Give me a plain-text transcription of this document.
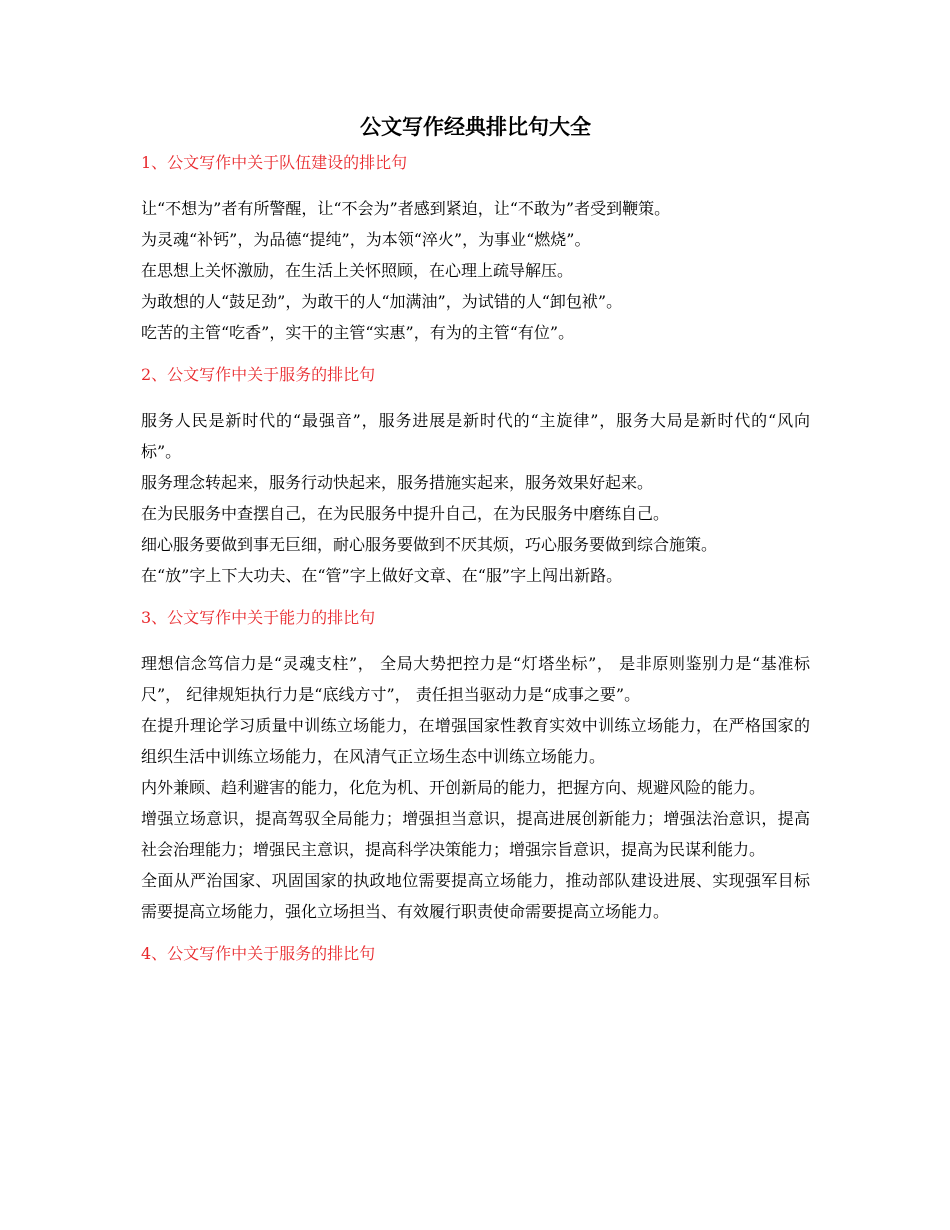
公文写作经典排比句大全
1、公文写作中关于队伍建设的排比句

让“不想为”者有所警醒，让“不会为”者感到紧迫，让“不敢为”者受到鞭策。

为灵魂“补钙”，为品德“提纯”，为本领“淬火”，为事业“燃烧”。

在思想上关怀激励，在生活上关怀照顾，在心理上疏导解压。

为敢想的人“鼓足劲”，为敢干的人“加满油”，为试错的人“卸包袱”。

吃苦的主管“吃香”，实干的主管“实惠”，有为的主管“有位”。

2、公文写作中关于服务的排比句

服务人民是新时代的“最强音”，服务进展是新时代的“主旋律”，服务大局是新时代的“风向标”。

服务理念转起来，服务行动快起来，服务措施实起来，服务效果好起来。

在为民服务中查摆自己，在为民服务中提升自己，在为民服务中磨练自己。

细心服务要做到事无巨细，耐心服务要做到不厌其烦，巧心服务要做到综合施策。

在“放”字上下大功夫、在“管”字上做好文章、在“服”字上闯出新路。

3、公文写作中关于能力的排比句

理想信念笃信力是“灵魂支柱”， 全局大势把控力是“灯塔坐标”， 是非原则鉴别力是“基准标尺”， 纪律规矩执行力是“底线方寸”， 责任担当驱动力是“成事之要”。

在提升理论学习质量中训练立场能力，在增强国家性教育实效中训练立场能力，在严格国家的组织生活中训练立场能力，在风清气正立场生态中训练立场能力。

内外兼顾、趋利避害的能力，化危为机、开创新局的能力，把握方向、规避风险的能力。

增强立场意识，提高驾驭全局能力；增强担当意识，提高进展创新能力；增强法治意识，提高社会治理能力；增强民主意识，提高科学决策能力；增强宗旨意识，提高为民谋利能力。

全面从严治国家、巩固国家的执政地位需要提高立场能力，推动部队建设进展、实现强军目标需要提高立场能力，强化立场担当、有效履行职责使命需要提高立场能力。

4、公文写作中关于服务的排比句
